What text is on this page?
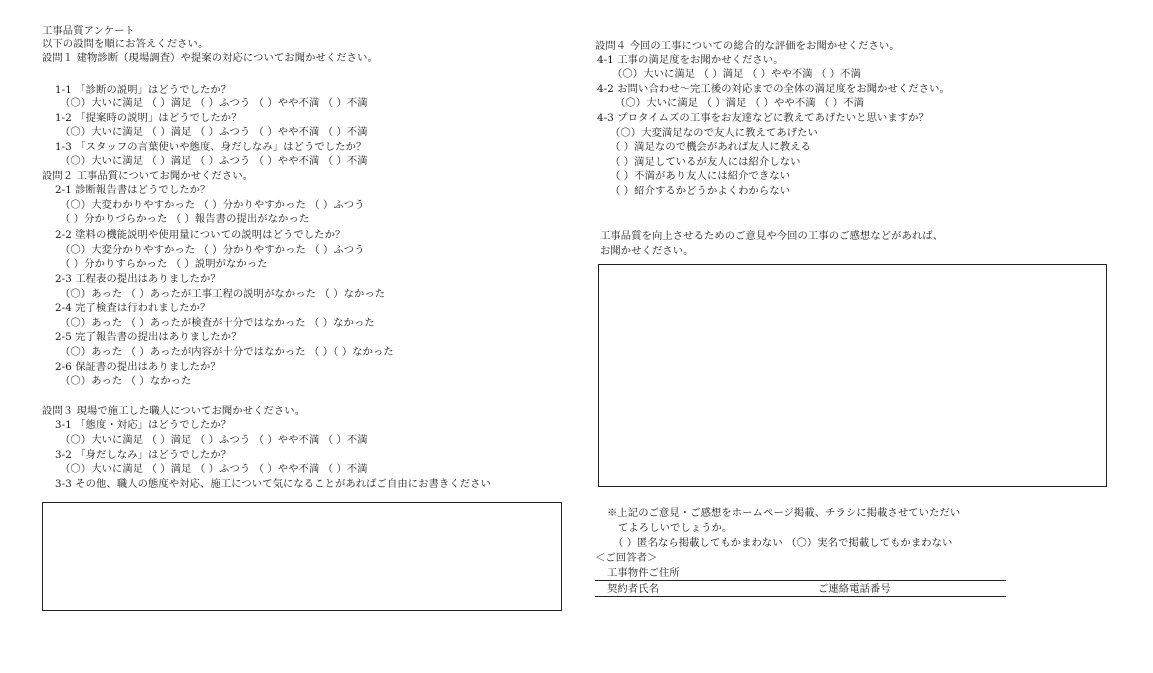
工事品質アンケート
以下の設問を順にお答えください。
設問１ 建物診断（現場調査）や提案の対応についてお聞かせください。
1-1 「診断の説明」はどうでしたか？
（〇）大いに満足 （ ）満足 （ ）ふつう （ ）やや不満 （ ）不満
1-2 「提案時の説明」はどうでしたか？
（〇）大いに満足 （ ）満足 （ ）ふつう （ ）やや不満 （ ）不満
1-3 「スタッフの言葉使いや態度、身だしなみ」はどうでしたか？
（〇）大いに満足 （ ）満足 （ ）ふつう （ ）やや不満 （ ）不満
設問２ 工事品質についてお聞かせください。
2-1 診断報告書はどうでしたか？
（〇）大変わかりやすかった （ ）分かりやすかった （ ）ふつう
（ ）分かりづらかった （ ）報告書の提出がなかった
2-2 塗料の機能説明や使用量についての説明はどうでしたか？
（〇）大変分かりやすかった （ ）分かりやすかった （ ）ふつう
（ ）分かりすらかった （ ）説明がなかった
2-3 工程表の提出はありましたか？
（〇）あった （ ）あったが工事工程の説明がなかった （ ）なかった
2-4 完了検査は行われましたか？
（〇）あった （ ）あったが検査が十分ではなかった （ ）なかった
2-5 完了報告書の提出はありましたか？
（〇）あった （ ）あったが内容が十分ではなかった （ ）（ ）なかった
2-6 保証書の提出はありましたか？
（〇）あった （ ）なかった
設問３ 現場で施工した職人についてお聞かせください。
3-1 「態度・対応」はどうでしたか？
（〇）大いに満足 （ ）満足 （ ）ふつう （ ）やや不満 （ ）不満
3-2 「身だしなみ」はどうでしたか？
（〇）大いに満足 （ ）満足 （ ）ふつう （ ）やや不満 （ ）不満
3-3 その他、職人の態度や対応、施工について気になることがあればご自由にお書きください
設問４ 今回の工事についての総合的な評価をお聞かせください。
4-1 工事の満足度をお聞かせください。
（〇）大いに満足 （ ）満足 （ ）やや不満 （ ）不満
4-2 お問い合わせ～完工後の対応までの全体の満足度をお聞かせください。
（〇）大いに満足 （ ）満足 （ ）やや不満 （ ）不満
4-3 プロタイムズの工事をお友達などに教えてあげたいと思いますか？
（〇）大変満足なので友人に教えてあげたい
（ ）満足なので機会があれば友人に教える
（ ）満足しているが友人には紹介しない
（ ）不満があり友人には紹介できない
（ ）紹介するかどうかよくわからない
工事品質を向上させるためのご意見や今回の工事のご感想などがあれば、
お聞かせください。
※上記のご意見・ご感想をホームページ掲載、チラシに掲載させていただい
てよろしいでしょうか。
（ ）匿名なら掲載してもかまわない （〇）実名で掲載してもかまわない
＜ご回答者＞
工事物件ご住所
契約者氏名	ご連絡電話番号
